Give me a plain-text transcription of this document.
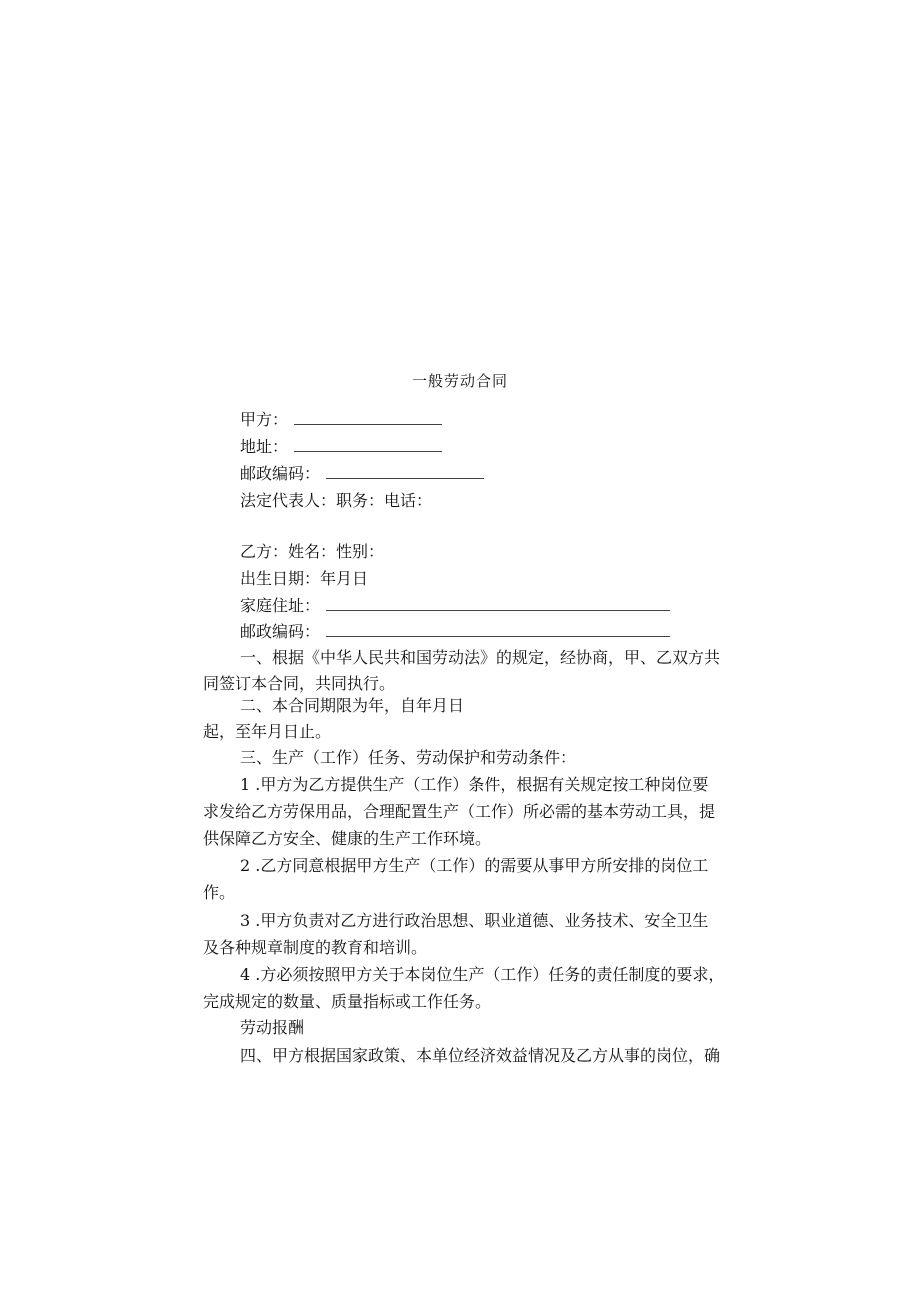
一般劳动合同
甲方：
地址：
邮政编码：
法定代表人：职务：电话：
乙方：姓名：性别：
出生日期：年月日
家庭住址：
邮政编码：
一、根据《中华人民共和国劳动法》的规定，经协商，甲、乙双方共
同签订本合同，共同执行。
二、本合同期限为年，自年月日
起，至年月日止。
三、生产（工作）任务、劳动保护和劳动条件：
1 .甲方为乙方提供生产（工作）条件，根据有关规定按工种岗位要
求发给乙方劳保用品，合理配置生产（工作）所必需的基本劳动工具，提
供保障乙方安全、健康的生产工作环境。
2 .乙方同意根据甲方生产（工作）的需要从事甲方所安排的岗位工
作。
3 .甲方负责对乙方进行政治思想、职业道德、业务技术、安全卫生
及各种规章制度的教育和培训。
4 .方必须按照甲方关于本岗位生产（工作）任务的责任制度的要求，
完成规定的数量、质量指标或工作任务。
劳动报酬
四、甲方根据国家政策、本单位经济效益情况及乙方从事的岗位，确
